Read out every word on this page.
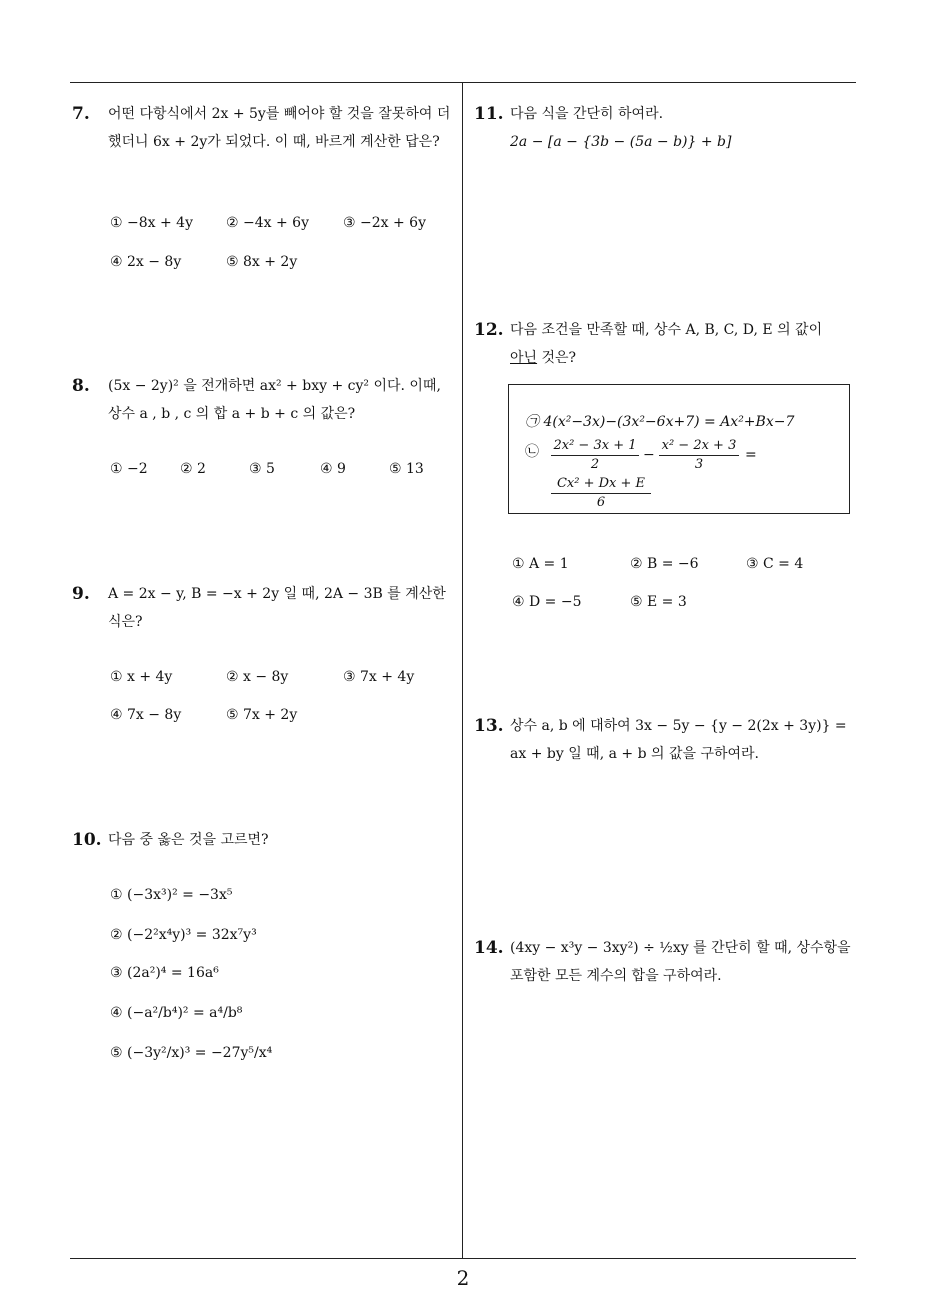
2
7. 어떤 다항식에서 2x + 5y를 빼어야 할 것을 잘못하여 더했더니 6x + 2y가 되었다. 이 때, 바르게 계산한 답은?
① −8x + 4y ② −4x + 6y ③ −2x + 6y
④ 2x − 8y	⑤ 8x + 2y
8. (5x − 2y)² 을 전개하면 ax² + bxy + cy² 이다. 이때, 상수 a , b , c 의 합 a + b + c 의 값은?
① −2 ② 2	③ 5	④ 9	⑤ 13
9. A = 2x − y, B = −x + 2y 일 때, 2A − 3B 를 계산한 식은?
① x + 4y	② x − 8y	③ 7x + 4y
④ 7x − 8y	⑤ 7x + 2y
10. 다음 중 옳은 것을 고르면?
① (−3x³)² = −3x⁵
② (−2²x⁴y)³ = 32x⁷y³
③ (2a²)⁴ = 16a⁶
④ (−a²/b⁴)² = a⁴/b⁸
⑤ (−3y²/x)³ = −27y⁵/x⁴
11. 다음 식을 간단히 하여라.
2a − [a − {3b − (5a − b)} + b]
12. 다음 조건을 만족할 때, 상수 A, B, C, D, E 의 값이
아닌 것은?
㉠ 4(x²−3x)−(3x²−6x+7) = Ax²+Bx−7
㉡ $\frac{\text{2x² − 3x + 1}}{2} - \frac{\text{x² − 2x + 3}}{3}$ =
$\frac{\text{Cx² + Dx + E}}{6}$
① A = 1	② B = −6	③ C = 4
④ D = −5	⑤ E = 3
13. 상수 a, b 에 대하여 3x − 5y − {y − 2(2x + 3y)} = ax + by 일 때, a + b 의 값을 구하여라.
14. (4xy − x³y − 3xy²) ÷ ½xy 를 간단히 할 때, 상수항을 포함한 모든 계수의 합을 구하여라.
